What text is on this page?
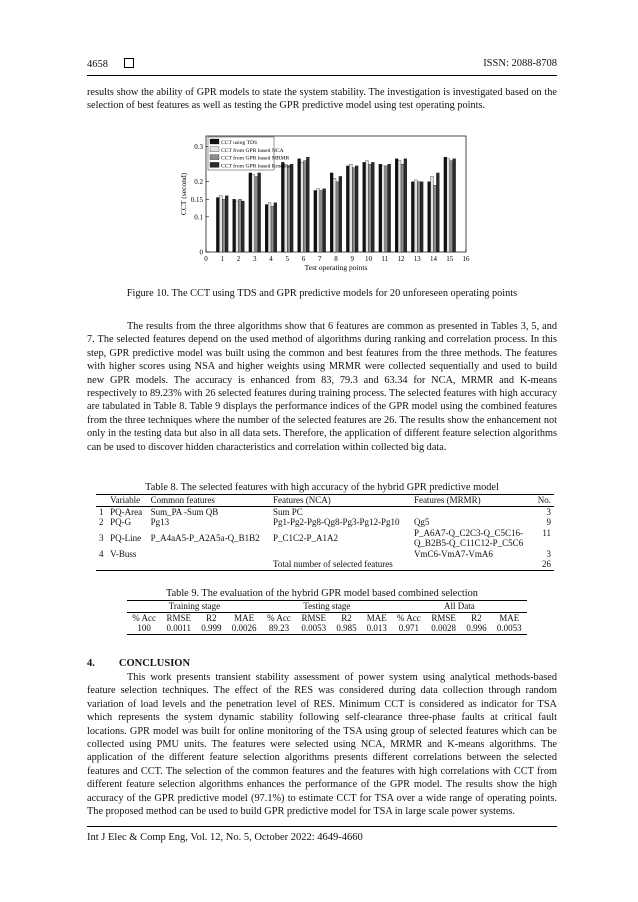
4658	ISSN: 2088-8708

results show the ability of GPR models to state the system stability. The investigation is investigated based on the selection of best features as well as testing the GPR predictive model using test operating points.

0
0.1
0.15
0.2
0.3
0 1 2 3 4 5 6 7 8 9 10 11 12 13 14 15 16
Test operating points
CCT (second)
CCT using TDS
CCT from GPR based NCA
CCT from GPR based MRMR
CCT from GPR based Kmeans
Figure 10. The CCT using TDS and GPR predictive models for 20 unforeseen operating points

The results from the three algorithms show that 6 features are common as presented in Tables 3, 5, and 7. The selected features depend on the used method of algorithms during ranking and correlation process. In this step, GPR predictive model was built using the common and best features from the three methods. The features with higher scores using NSA and higher weights using MRMR were collected sequentially and used to build new GPR models. The accuracy is enhanced from 83, 79.3 and 63.34 for NCA, MRMR and K-means respectively to 89.23% with 26 selected features during training process. The selected features with high accuracy are tabulated in Table 8. Table 9 displays the performance indices of the GPR model using the combined features from the three techniques where the number of the selected features are 26. The results show the enhancement not only in the testing data but also in all data sets. Therefore, the application of different feature selection algorithms can be used to discover hidden characteristics and correlation within collected big data.

Table 8. The selected features with high accuracy of the hybrid GPR predictive model
	Variable	Common features	Features (NCA)	Features (MRMR)	No.
1	PQ-Area	Sum_PA -Sum QB	Sum PC		3
2	PQ-G	Pg13	Pg1-Pg2-Pg8-Qg8-Pg3-Pg12-Pg10	Qg5	9
3	PQ-Line	P_A4aA5-P_A2A5a-Q_B1B2	P_C1C2-P_A1A2	P_A6A7-Q_C2C3-Q_C5C16-
Q_B2B5-Q_C11C12-P_C5C6	11
4	V-Buss			VmC6-VmA7-VmA6	3
			Total number of selected features		26
Table 9. The evaluation of the hybrid GPR model based combined selection
Training stage				Testing stage				All Data			
% Acc	RMSE	R2	MAE	% Acc	RMSE	R2	MAE	% Acc	RMSE	R2	MAE
100	0.0011	0.999	0.0026	89.23	0.0053	0.985	0.013	0.971	0.0028	0.996	0.0053
4. CONCLUSION

This work presents transient stability assessment of power system using analytical methods-based feature selection techniques. The effect of the RES was considered during data collection through random variation of load levels and the penetration level of RES. Minimum CCT is considered as indicator for TSA which represents the system dynamic stability following self-clearance three-phase faults at critical fault locations. GPR model was built for online monitoring of the TSA using group of selected features which can be collected using PMU units. The features were selected using NCA, MRMR and K-means algorithms. The application of the different feature selection algorithms presents different correlations between the selected features and CCT. The selection of the common features and the features with high correlations with CCT from different feature selection algorithms enhances the performance of the GPR model. The results show the high accuracy of the GPR predictive model (97.1%) to estimate CCT for TSA over a wide range of operating points. The proposed method can be used to build GPR predictive model for TSA in large scale power systems.

Int J Elec & Comp Eng, Vol. 12, No. 5, October 2022: 4649-4660
